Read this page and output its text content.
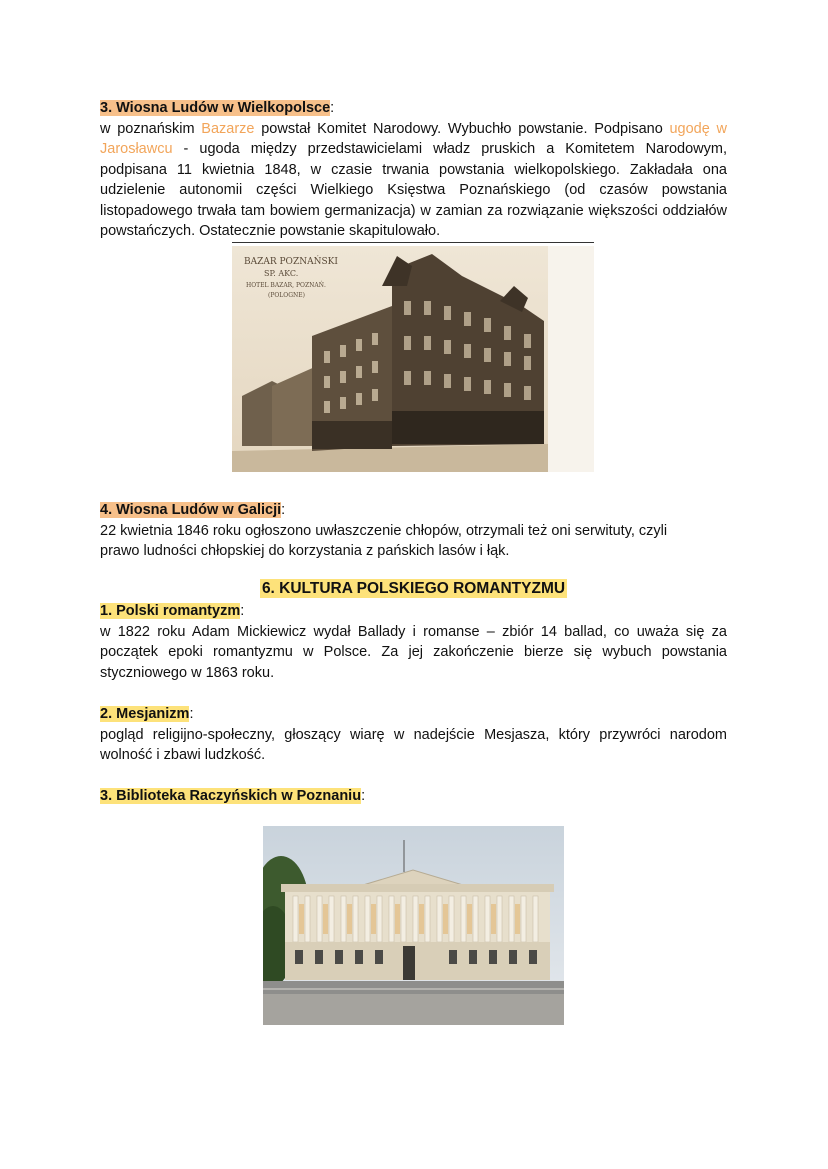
3. Wiosna Ludów w Wielkopolsce:
w poznańskim Bazarze powstał Komitet Narodowy. Wybuchło powstanie. Podpisano ugodę w Jarosławcu - ugoda między przedstawicielami władz pruskich a Komitetem Narodowym, podpisana 11 kwietnia 1848, w czasie trwania powstania wielkopolskiego. Zakładała ona udzielenie autonomii części Wielkiego Księstwa Poznańskiego (od czasów powstania listopadowego trwała tam bowiem germanizacja) w zamian za rozwiązanie większości oddziałów powstańczych. Ostatecznie powstanie skapitulowało.
BAZAR POZNAŃSKI
SP. AKC.
HOTEL BAZAR, POZNAŃ.
(POLOGNE)
4. Wiosna Ludów w Galicji:
22 kwietnia 1846 roku ogłoszono uwłaszczenie chłopów, otrzymali też oni serwituty, czyli prawo ludności chłopskiej do korzystania z pańskich lasów i łąk.
6. KULTURA POLSKIEGO ROMANTYZMU
1. Polski romantyzm:
w 1822 roku Adam Mickiewicz wydał Ballady i romanse – zbiór 14 ballad, co uważa się za początek epoki romantyzmu w Polsce. Za jej zakończenie bierze się wybuch powstania styczniowego w 1863 roku.
2. Mesjanizm:
pogląd religijno-społeczny, głoszący wiarę w nadejście Mesjasza, który przywróci narodom wolność i zbawi ludzkość.
3. Biblioteka Raczyńskich w Poznaniu:
